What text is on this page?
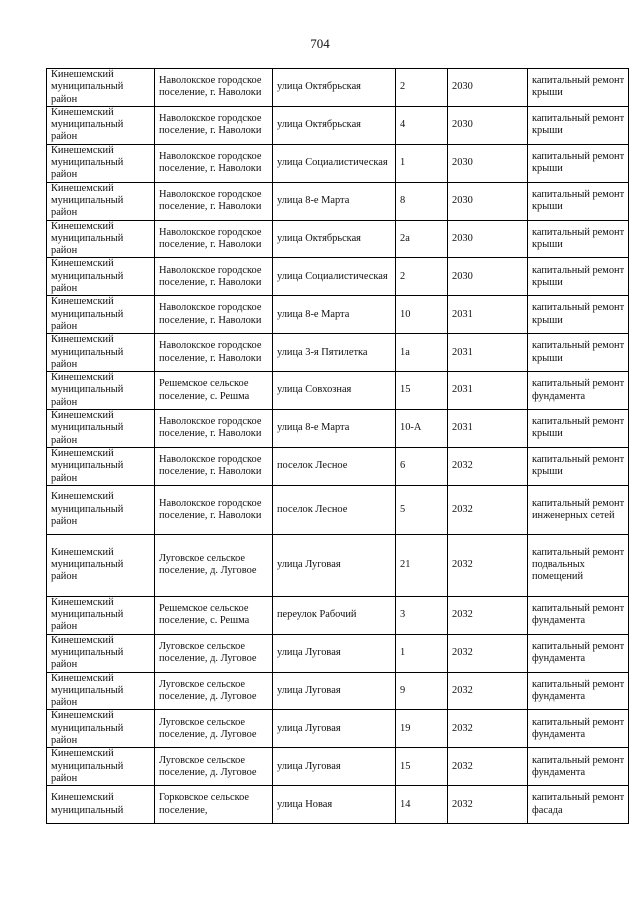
704
Кинешемский муниципальный район	Наволокское городское поселение, г. Наволоки	улица Октябрьская	2	2030	капитальный ремонт крыши
Кинешемский муниципальный район	Наволокское городское поселение, г. Наволоки	улица Октябрьская	4	2030	капитальный ремонт крыши
Кинешемский муниципальный район	Наволокское городское поселение, г. Наволоки	улица Социалистическая	1	2030	капитальный ремонт крыши
Кинешемский муниципальный район	Наволокское городское поселение, г. Наволоки	улица 8-е Марта	8	2030	капитальный ремонт крыши
Кинешемский муниципальный район	Наволокское городское поселение, г. Наволоки	улица Октябрьская	2а	2030	капитальный ремонт крыши
Кинешемский муниципальный район	Наволокское городское поселение, г. Наволоки	улица Социалистическая	2	2030	капитальный ремонт крыши
Кинешемский муниципальный район	Наволокское городское поселение, г. Наволоки	улица 8-е Марта	10	2031	капитальный ремонт крыши
Кинешемский муниципальный район	Наволокское городское поселение, г. Наволоки	улица 3-я Пятилетка	1а	2031	капитальный ремонт крыши
Кинешемский муниципальный район	Решемское сельское поселение, с. Решма	улица Совхозная	15	2031	капитальный ремонт фундамента
Кинешемский муниципальный район	Наволокское городское поселение, г. Наволоки	улица 8-е Марта	10-А	2031	капитальный ремонт крыши
Кинешемский муниципальный район	Наволокское городское поселение, г. Наволоки	поселок Лесное	6	2032	капитальный ремонт крыши
Кинешемский муниципальный район	Наволокское городское поселение, г. Наволоки	поселок Лесное	5	2032	капитальный ремонт инженерных сетей
Кинешемский муниципальный район	Луговское сельское поселение, д. Луговое	улица Луговая	21	2032	капитальный ремонт подвальных помещений
Кинешемский муниципальный район	Решемское сельское поселение, с. Решма	переулок Рабочий	3	2032	капитальный ремонт фундамента
Кинешемский муниципальный район	Луговское сельское поселение, д. Луговое	улица Луговая	1	2032	капитальный ремонт фундамента
Кинешемский муниципальный район	Луговское сельское поселение, д. Луговое	улица Луговая	9	2032	капитальный ремонт фундамента
Кинешемский муниципальный район	Луговское сельское поселение, д. Луговое	улица Луговая	19	2032	капитальный ремонт фундамента
Кинешемский муниципальный район	Луговское сельское поселение, д. Луговое	улица Луговая	15	2032	капитальный ремонт фундамента
Кинешемский муниципальный	Горковское сельское поселение,	улица Новая	14	2032	капитальный ремонт фасада
